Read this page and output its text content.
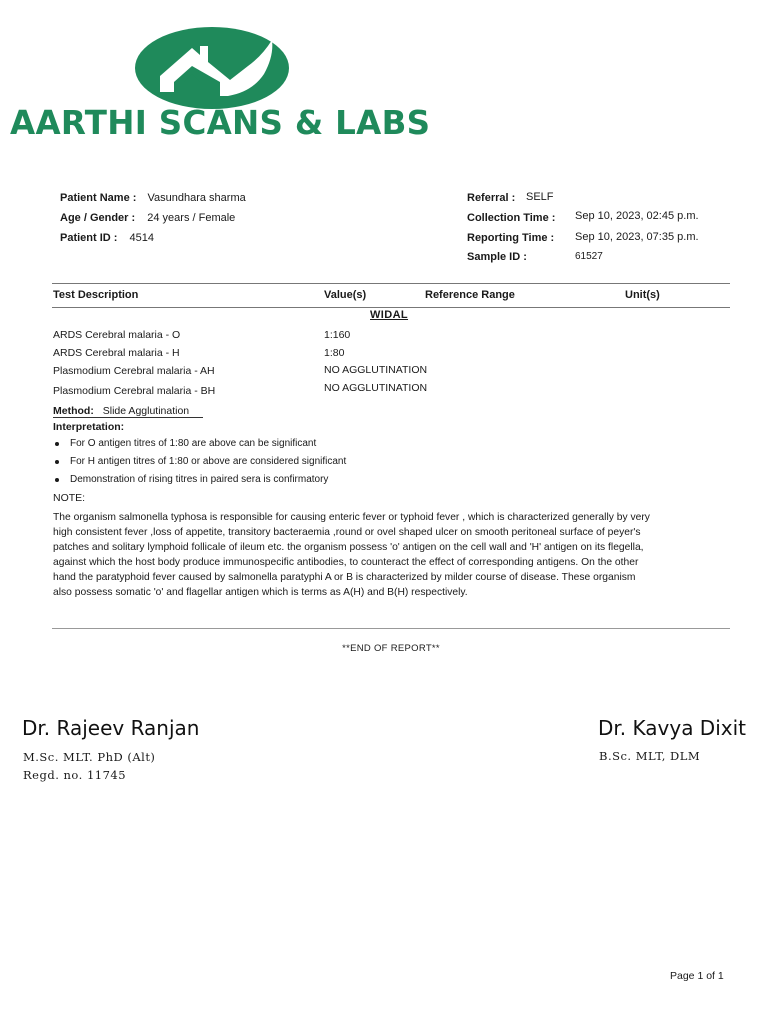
AARTHI SCANS & LABS
Patient Name : Vasundhara sharma
Age / Gender : 24 years / Female
Patient ID : 4514
Referral : SELF
Collection Time : Sep 10, 2023, 02:45 p.m.
Reporting Time : Sep 10, 2023, 07:35 p.m.
Sample ID :	61527
Test Description	Value(s)	Reference Range	Unit(s)
WIDAL
ARDS Cerebral malaria - O	1:160
ARDS Cerebral malaria - H	1:80
Plasmodium Cerebral malaria - AH	NO AGGLUTINATION
Plasmodium Cerebral malaria - BH	NO AGGLUTINATION
Method: Slide Agglutination
Interpretation:
For O antigen titres of 1:80 are above can be significant
For H antigen titres of 1:80 or above are considered significant
Demonstration of rising titres in paired sera is confirmatory
NOTE:
The organism salmonella typhosa is responsible for causing enteric fever or typhoid fever , which is characterized generally by very high consistent fever ,loss of appetite, transitory bacteraemia ,round or ovel shaped ulcer on smooth peritoneal surface of peyer's patches and solitary lymphoid follicale of ileum etc. the organism possess 'o' antigen on the cell wall and 'H' antigen on its flegella, against which the host body produce immunospecific antibodies, to counteract the effect of corresponding antigens. On the other hand the paratyphoid fever caused by salmonella paratyphi A or B is characterized by milder course of disease. These organism also possess somatic 'o' and flagellar antigen which is terms as A(H) and B(H) respectively.
**END OF REPORT**
Dr. Rajeev Ranjan
M.Sc. MLT. PhD (Alt)
Regd. no. 11745
Dr. Kavya Dixit
B.Sc. MLT, DLM
Page 1 of 1
